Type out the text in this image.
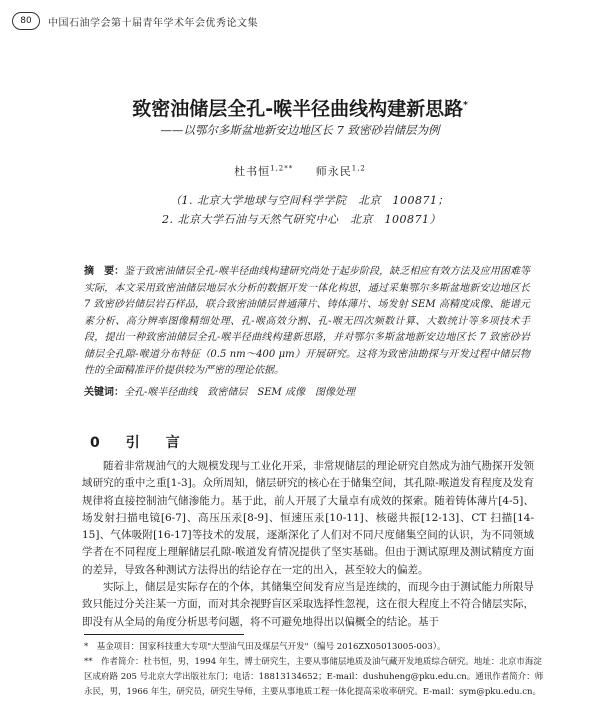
80	中国石油学会第十届青年学术年会优秀论文集
致密油储层全孔-喉半径曲线构建新思路*
——以鄂尔多斯盆地新安边地区长 7 致密砂岩储层为例
杜书恒$^{1,2**}$ 师永民$^{1,2}$
（1. 北京大学地球与空间科学学院　北京　100871；
2. 北京大学石油与天然气研究中心　北京　100871）
摘　要：鉴于致密油储层全孔-喉半径曲线构建研究尚处于起步阶段，缺乏相应有效方法及应用困难等实际，本文采用致密油储层地层水分析的数据开发一体化构思，通过采集鄂尔多斯盆地新安边地区长 7 致密砂岩储层岩石样品，联合致密油储层普通薄片、铸体薄片、场发射 SEM 高精度成像、能谱元素分析、高分辨率图像精细处理、孔-喉高效分割、孔-喉无四次频数计算、大数统计等多项技术手段，提出一种致密油储层全孔-喉半径曲线构建新思路，并对鄂尔多斯盆地新安边地区长 7 致密砂岩储层全孔隙-喉道分布特征（0.5 nm～400 μm）开展研究。这将为致密油勘探与开发过程中储层物性的全面精准评价提供较为严密的理论依据。
关键词：全孔-喉半径曲线　致密储层　SEM 成像　图像处理
0　引　言

随着非常规油气的大规模发现与工业化开采，非常规储层的理论研究自然成为油气勘探开发领域研究的重中之重[1-3]。众所周知，储层研究的核心在于储集空间，其孔隙-喉道发育程度及发育规律将直接控制油气储渗能力。基于此，前人开展了大量卓有成效的探索。随着铸体薄片[4-5]、场发射扫描电镜[6-7]、高压压汞[8-9]、恒速压汞[10-11]、核磁共振[12-13]、CT 扫描[14-15]、气体吸附[16-17]等技术的发展，逐渐深化了人们对不同尺度储集空间的认识，为不同领域学者在不同程度上理解储层孔隙-喉道发育情况提供了坚实基础。但由于测试原理及测试精度方面的差异，导致各种测试方法得出的结论存在一定的出入，甚至较大的偏差。

实际上，储层是实际存在的个体，其储集空间发育应当是连续的，而现今由于测试能力所限导致只能过分关注某一方面，而对其余视野盲区采取选择性忽视，这在很大程度上不符合储层实际，即没有从全局的角度分析思考问题，将不可避免地得出以偏概全的结论。基于

*　基金项目：国家科技重大专项"大型油气田及煤层气开发"（编号 2016ZX05013005-003）。
**　作者简介：杜书恒，男，1994 年生，博士研究生，主要从事储层地质及油气藏开发地质综合研究。地址：北京市海淀区成府路 205 号北京大学出版社东门；电话：18813134652；E-mail：dushuheng@pku.edu.cn。通讯作者简介：师永民，男，1966 年生，研究员，研究生导师，主要从事地质工程一体化提高采收率研究。E-mail：sym@pku.edu.cn。
